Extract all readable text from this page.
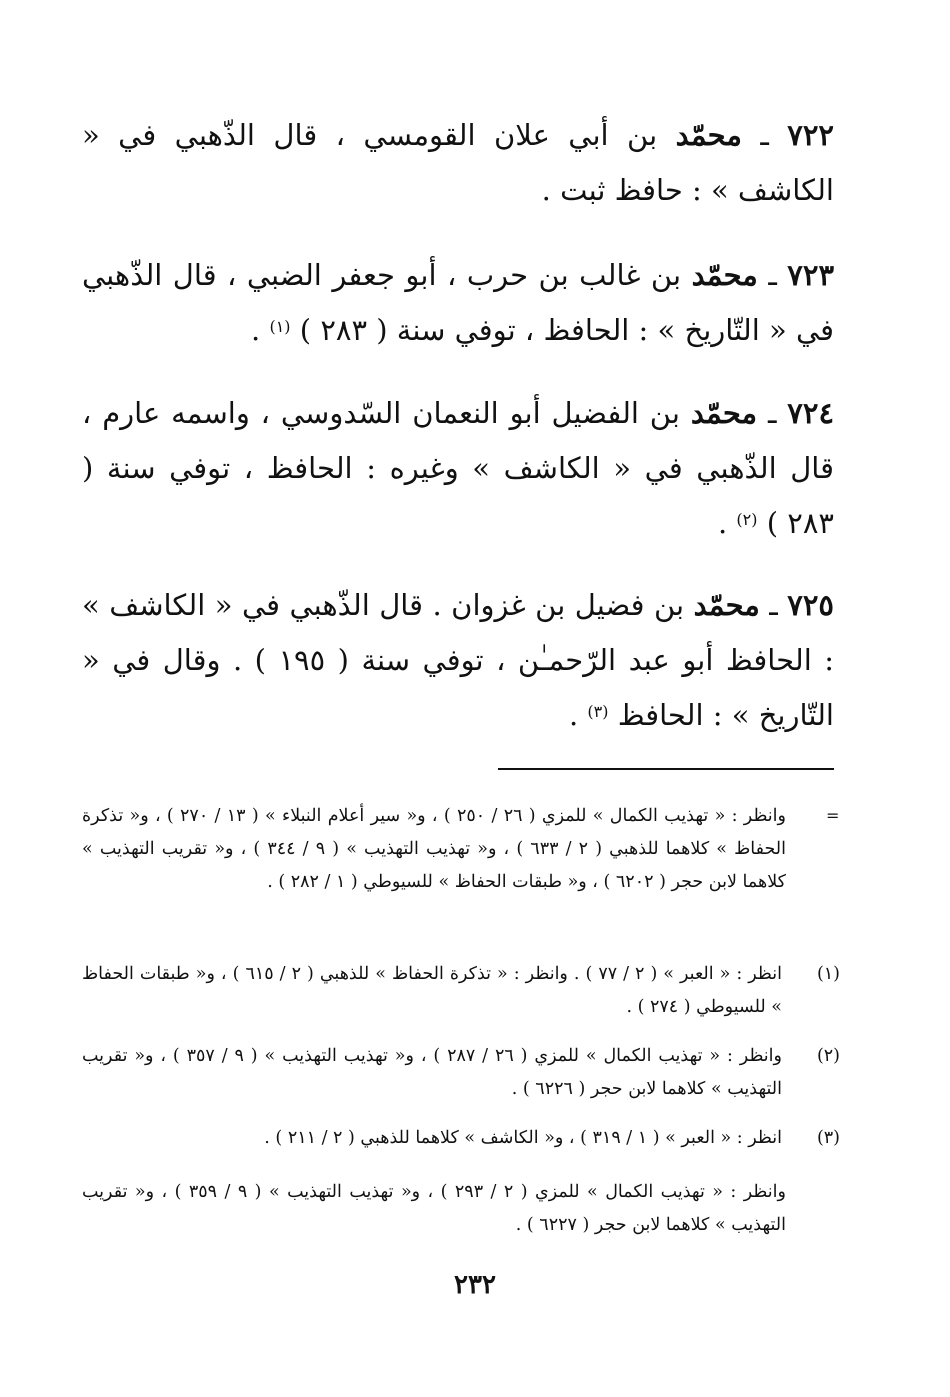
٧٢٢ ـ محمّد بن أبي علان القومسي ، قال الذّهبي في « الكاشف » : حافظ ثبت .
٧٢٣ ـ محمّد بن غالب بن حرب ، أبو جعفر الضبي ، قال الذّهبي في « التّاريخ » : الحافظ ، توفي سنة ( ٢٨٣ ) $^{(١)}$ .
٧٢٤ ـ محمّد بن الفضيل أبو النعمان السّدوسي ، واسمه عارم ، قال الذّهبي في « الكاشف » وغيره : الحافظ ، توفي سنة ( ٢٨٣ ) $^{(٢)}$ .
٧٢٥ ـ محمّد بن فضيل بن غزوان . قال الذّهبي في « الكاشف » : الحافظ أبو عبد الرّحمـٰن ، توفي سنة ( ١٩٥ ) . وقال في « التّاريخ » : الحافظ $^{(٣)}$ .
=
وانظر : « تهذيب الكمال » للمزي ( ٢٦ / ٢٥٠ ) ، و« سير أعلام النبلاء » ( ١٣ / ٢٧٠ ) ، و« تذكرة الحفاظ » كلاهما للذهبي ( ٢ / ٦٣٣ ) ، و« تهذيب التهذيب » ( ٩ / ٣٤٤ ) ، و« تقريب التهذيب » كلاهما لابن حجر ( ٦٢٠٢ ) ، و« طبقات الحفاظ » للسيوطي ( ١ / ٢٨٢ ) .
(١)
انظر : « العبر » ( ٢ / ٧٧ ) . وانظر : « تذكرة الحفاظ » للذهبي ( ٢ / ٦١٥ ) ، و« طبقات الحفاظ » للسيوطي ( ٢٧٤ ) .
(٢)
وانظر : « تهذيب الكمال » للمزي ( ٢٦ / ٢٨٧ ) ، و« تهذيب التهذيب » ( ٩ / ٣٥٧ ) ، و« تقريب التهذيب » كلاهما لابن حجر ( ٦٢٢٦ ) .
(٣)
انظر : « العبر » ( ١ / ٣١٩ ) ، و« الكاشف » كلاهما للذهبي ( ٢ / ٢١١ ) .
وانظر : « تهذيب الكمال » للمزي ( ٢ / ٢٩٣ ) ، و« تهذيب التهذيب » ( ٩ / ٣٥٩ ) ، و« تقريب التهذيب » كلاهما لابن حجر ( ٦٢٢٧ ) .
٢٣٢
